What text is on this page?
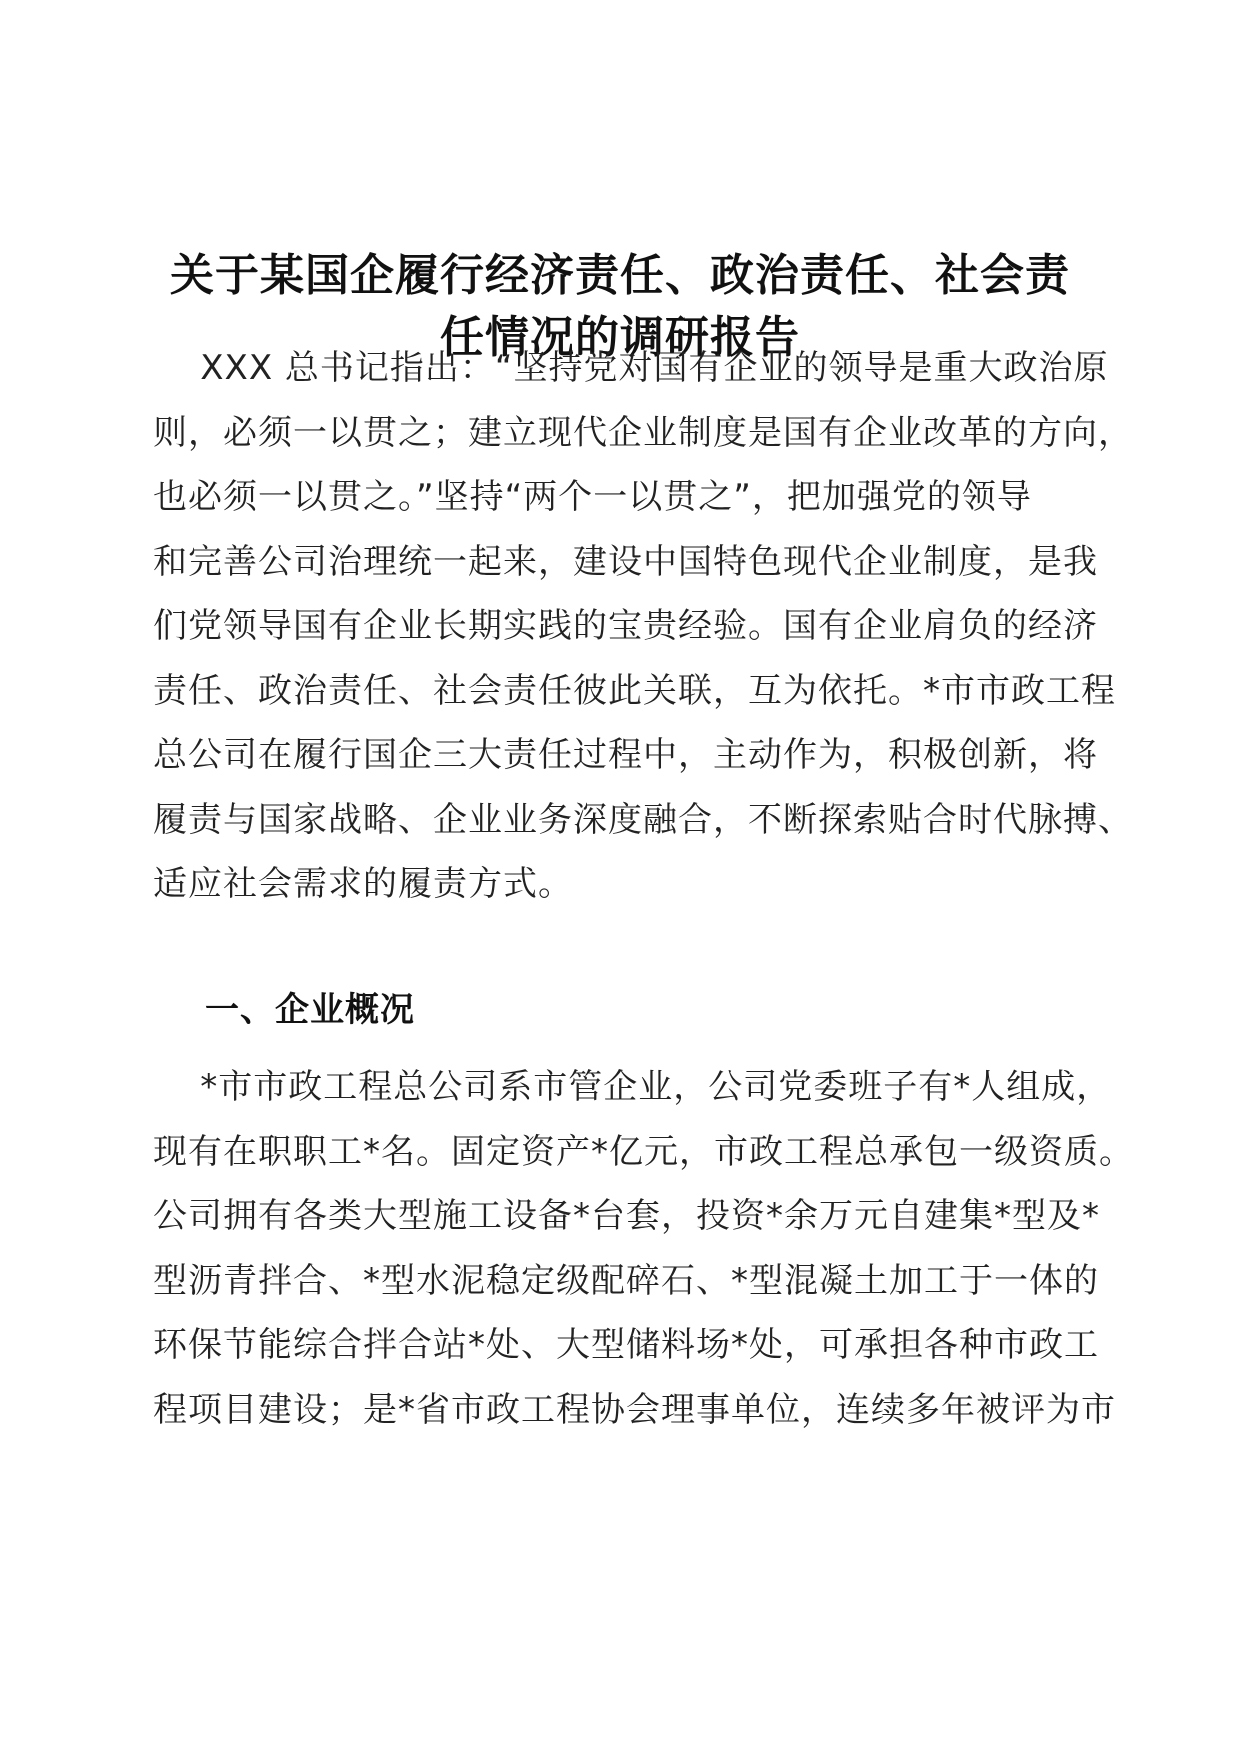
关于某国企履行经济责任、政治责任、社会责
任情况的调研报告
XXX 总书记指出：“坚持党对国有企业的领导是重大政治原
则，必须一以贯之；建立现代企业制度是国有企业改革的方向，
也必须一以贯之。”坚持“两个一以贯之”，把加强党的领导
和完善公司治理统一起来，建设中国特色现代企业制度，是我
们党领导国有企业长期实践的宝贵经验。国有企业肩负的经济
责任、政治责任、社会责任彼此关联，互为依托。*市市政工程
总公司在履行国企三大责任过程中，主动作为，积极创新，将
履责与国家战略、企业业务深度融合，不断探索贴合时代脉搏、
适应社会需求的履责方式。
一、企业概况
*市市政工程总公司系市管企业，公司党委班子有*人组成，
现有在职职工*名。固定资产*亿元，市政工程总承包一级资质。
公司拥有各类大型施工设备*台套，投资*余万元自建集*型及*
型沥青拌合、*型水泥稳定级配碎石、*型混凝土加工于一体的
环保节能综合拌合站*处、大型储料场*处，可承担各种市政工
程项目建设；是*省市政工程协会理事单位，连续多年被评为市
